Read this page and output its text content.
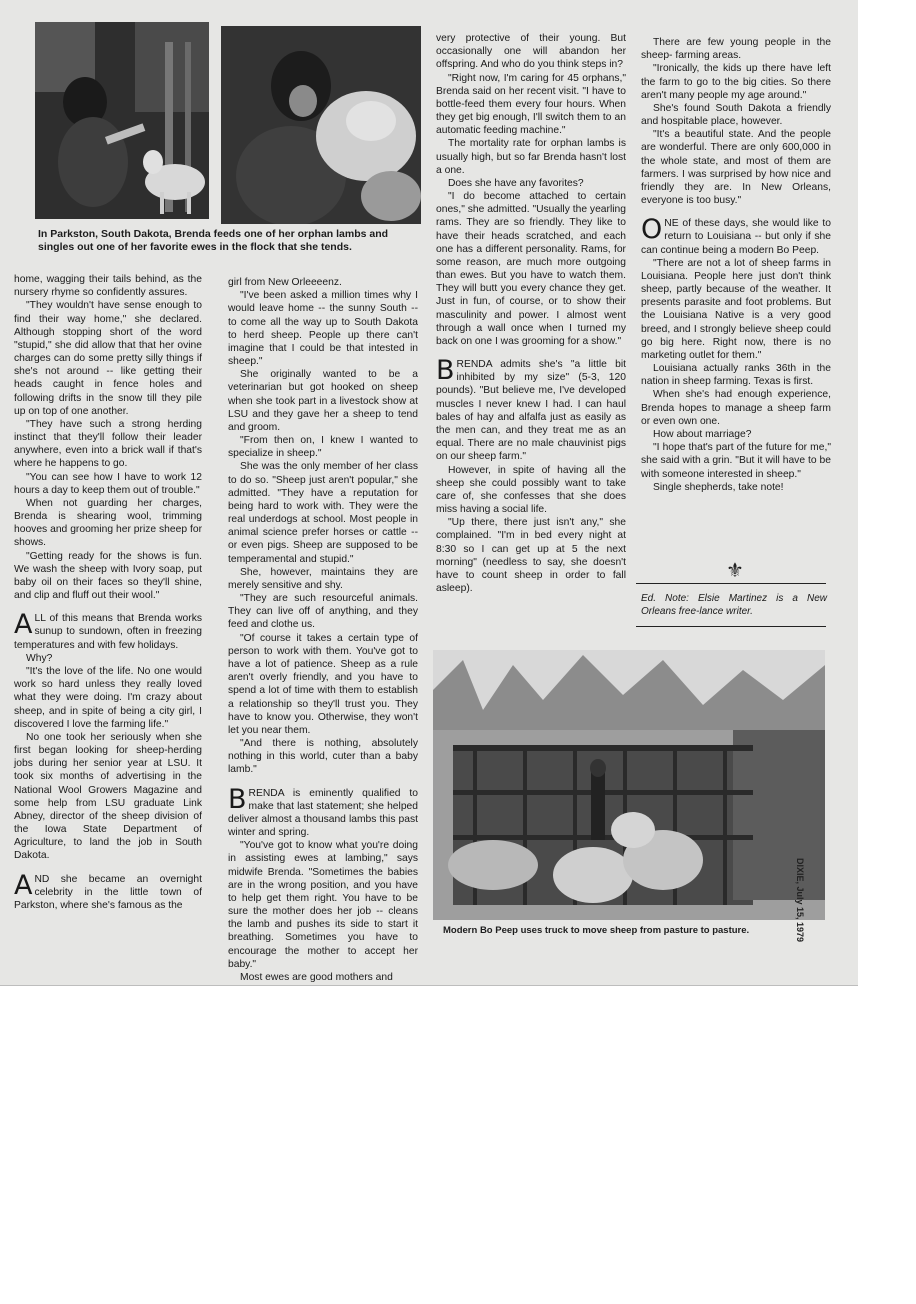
In Parkston, South Dakota, Brenda feeds one of her orphan lambs and singles out one of her favorite ewes in the flock that she tends.

home, wagging their tails behind, as the nursery rhyme so confidently assures.

"They wouldn't have sense enough to find their way home," she declared. Although stopping short of the word "stupid," she did allow that that her ovine charges can do some pretty silly things if she's not around -- like getting their heads caught in fence holes and following drifts in the snow till they pile up on top of one another.

"They have such a strong herding instinct that they'll follow their leader anywhere, even into a brick wall if that's where he happens to go.

"You can see how I have to work 12 hours a day to keep them out of trouble."

When not guarding her charges, Brenda is shearing wool, trimming hooves and grooming her prize sheep for shows.

"Getting ready for the shows is fun. We wash the sheep with Ivory soap, put baby oil on their faces so they'll shine, and clip and fluff out their wool."

ALL of this means that Brenda works sunup to sundown, often in freezing temperatures and with few holidays.

Why?

"It's the love of the life. No one would work so hard unless they really loved what they were doing. I'm crazy about sheep, and in spite of being a city girl, I discovered I love the farming life."

No one took her seriously when she first began looking for sheep-herding jobs during her senior year at LSU. It took six months of advertising in the National Wool Growers Magazine and some help from LSU graduate Link Abney, director of the sheep division of the Iowa State Department of Agriculture, to land the job in South Dakota.

AND she became an overnight celebrity in the little town of Parkston, where she's famous as the

girl from New Orleeeenz.

"I've been asked a million times why I would leave home -- the sunny South -- to come all the way up to South Dakota to herd sheep. People up there can't imagine that I could be that intested in sheep."

She originally wanted to be a veterinarian but got hooked on sheep when she took part in a livestock show at LSU and they gave her a sheep to tend and groom.

"From then on, I knew I wanted to specialize in sheep."

She was the only member of her class to do so. "Sheep just aren't popular," she admitted. "They have a reputation for being hard to work with. They were the real underdogs at school. Most people in animal science prefer horses or cattle -- or even pigs. Sheep are supposed to be temperamental and stupid."

She, however, maintains they are merely sensitive and shy.

"They are such resourceful animals. They can live off of anything, and they feed and clothe us.

"Of course it takes a certain type of person to work with them. You've got to have a lot of patience. Sheep as a rule aren't overly friendly, and you have to spend a lot of time with them to establish a relationship so they'll trust you. They have to know you. Otherwise, they won't let you near them.

"And there is nothing, absolutely nothing in this world, cuter than a baby lamb."

BRENDA is eminently qualified to make that last statement; she helped deliver almost a thousand lambs this past winter and spring.

"You've got to know what you're doing in assisting ewes at lambing," says midwife Brenda. "Sometimes the babies are in the wrong position, and you have to help get them right. You have to be sure the mother does her job -- cleans the lamb and pushes its side to start it breathing. Sometimes you have to encourage the mother to accept her baby."

Most ewes are good mothers and

very protective of their young. But occasionally one will abandon her offspring. And who do you think steps in?

"Right now, I'm caring for 45 orphans," Brenda said on her recent visit. "I have to bottle-feed them every four hours. When they get big enough, I'll switch them to an automatic feeding machine."

The mortality rate for orphan lambs is usually high, but so far Brenda hasn't lost a one.

Does she have any favorites?

"I do become attached to certain ones," she admitted. "Usually the yearling rams. They are so friendly. They like to have their heads scratched, and each one has a different personality. Rams, for some reason, are much more outgoing than ewes. But you have to watch them. They will butt you every chance they get. Just in fun, of course, or to show their masculinity and power. I almost went through a wall once when I turned my back on one I was grooming for a show."

BRENDA admits she's "a little bit inhibited by my size" (5-3, 120 pounds). "But believe me, I've developed muscles I never knew I had. I can haul bales of hay and alfalfa just as easily as the men can, and they treat me as an equal. There are no male chauvinist pigs on our sheep farm."

However, in spite of having all the sheep she could possibly want to take care of, she confesses that she does miss having a social life.

"Up there, there just isn't any," she complained. "I'm in bed every night at 8:30 so I can get up at 5 the next morning" (needless to say, she doesn't have to count sheep in order to fall asleep).

There are few young people in the sheep- farming areas.

"Ironically, the kids up there have left the farm to go to the big cities. So there aren't many people my age around."

She's found South Dakota a friendly and hospitable place, however.

"It's a beautiful state. And the people are wonderful. There are only 600,000 in the whole state, and most of them are farmers. I was surprised by how nice and friendly they are. In New Orleans, everyone is too busy."

ONE of these days, she would like to return to Louisiana -- but only if she can continue being a modern Bo Peep.

"There are not a lot of sheep farms in Louisiana. People here just don't think sheep, partly because of the weather. It presents parasite and foot problems. But the Louisiana Native is a very good breed, and I strongly believe sheep could go big here. Right now, there is no marketing outlet for them."

Louisiana actually ranks 36th in the nation in sheep farming. Texas is first.

When she's had enough experience, Brenda hopes to manage a sheep farm or even own one.

How about marriage?

"I hope that's part of the future for me," she said with a grin. "But it will have to be with someone interested in sheep."

Single shepherds, take note!

⚜
Ed. Note: Elsie Martinez is a New Orleans free-lance writer.
Modern Bo Peep uses truck to move sheep from pasture to pasture.	DIXIE, July 15, 1979
